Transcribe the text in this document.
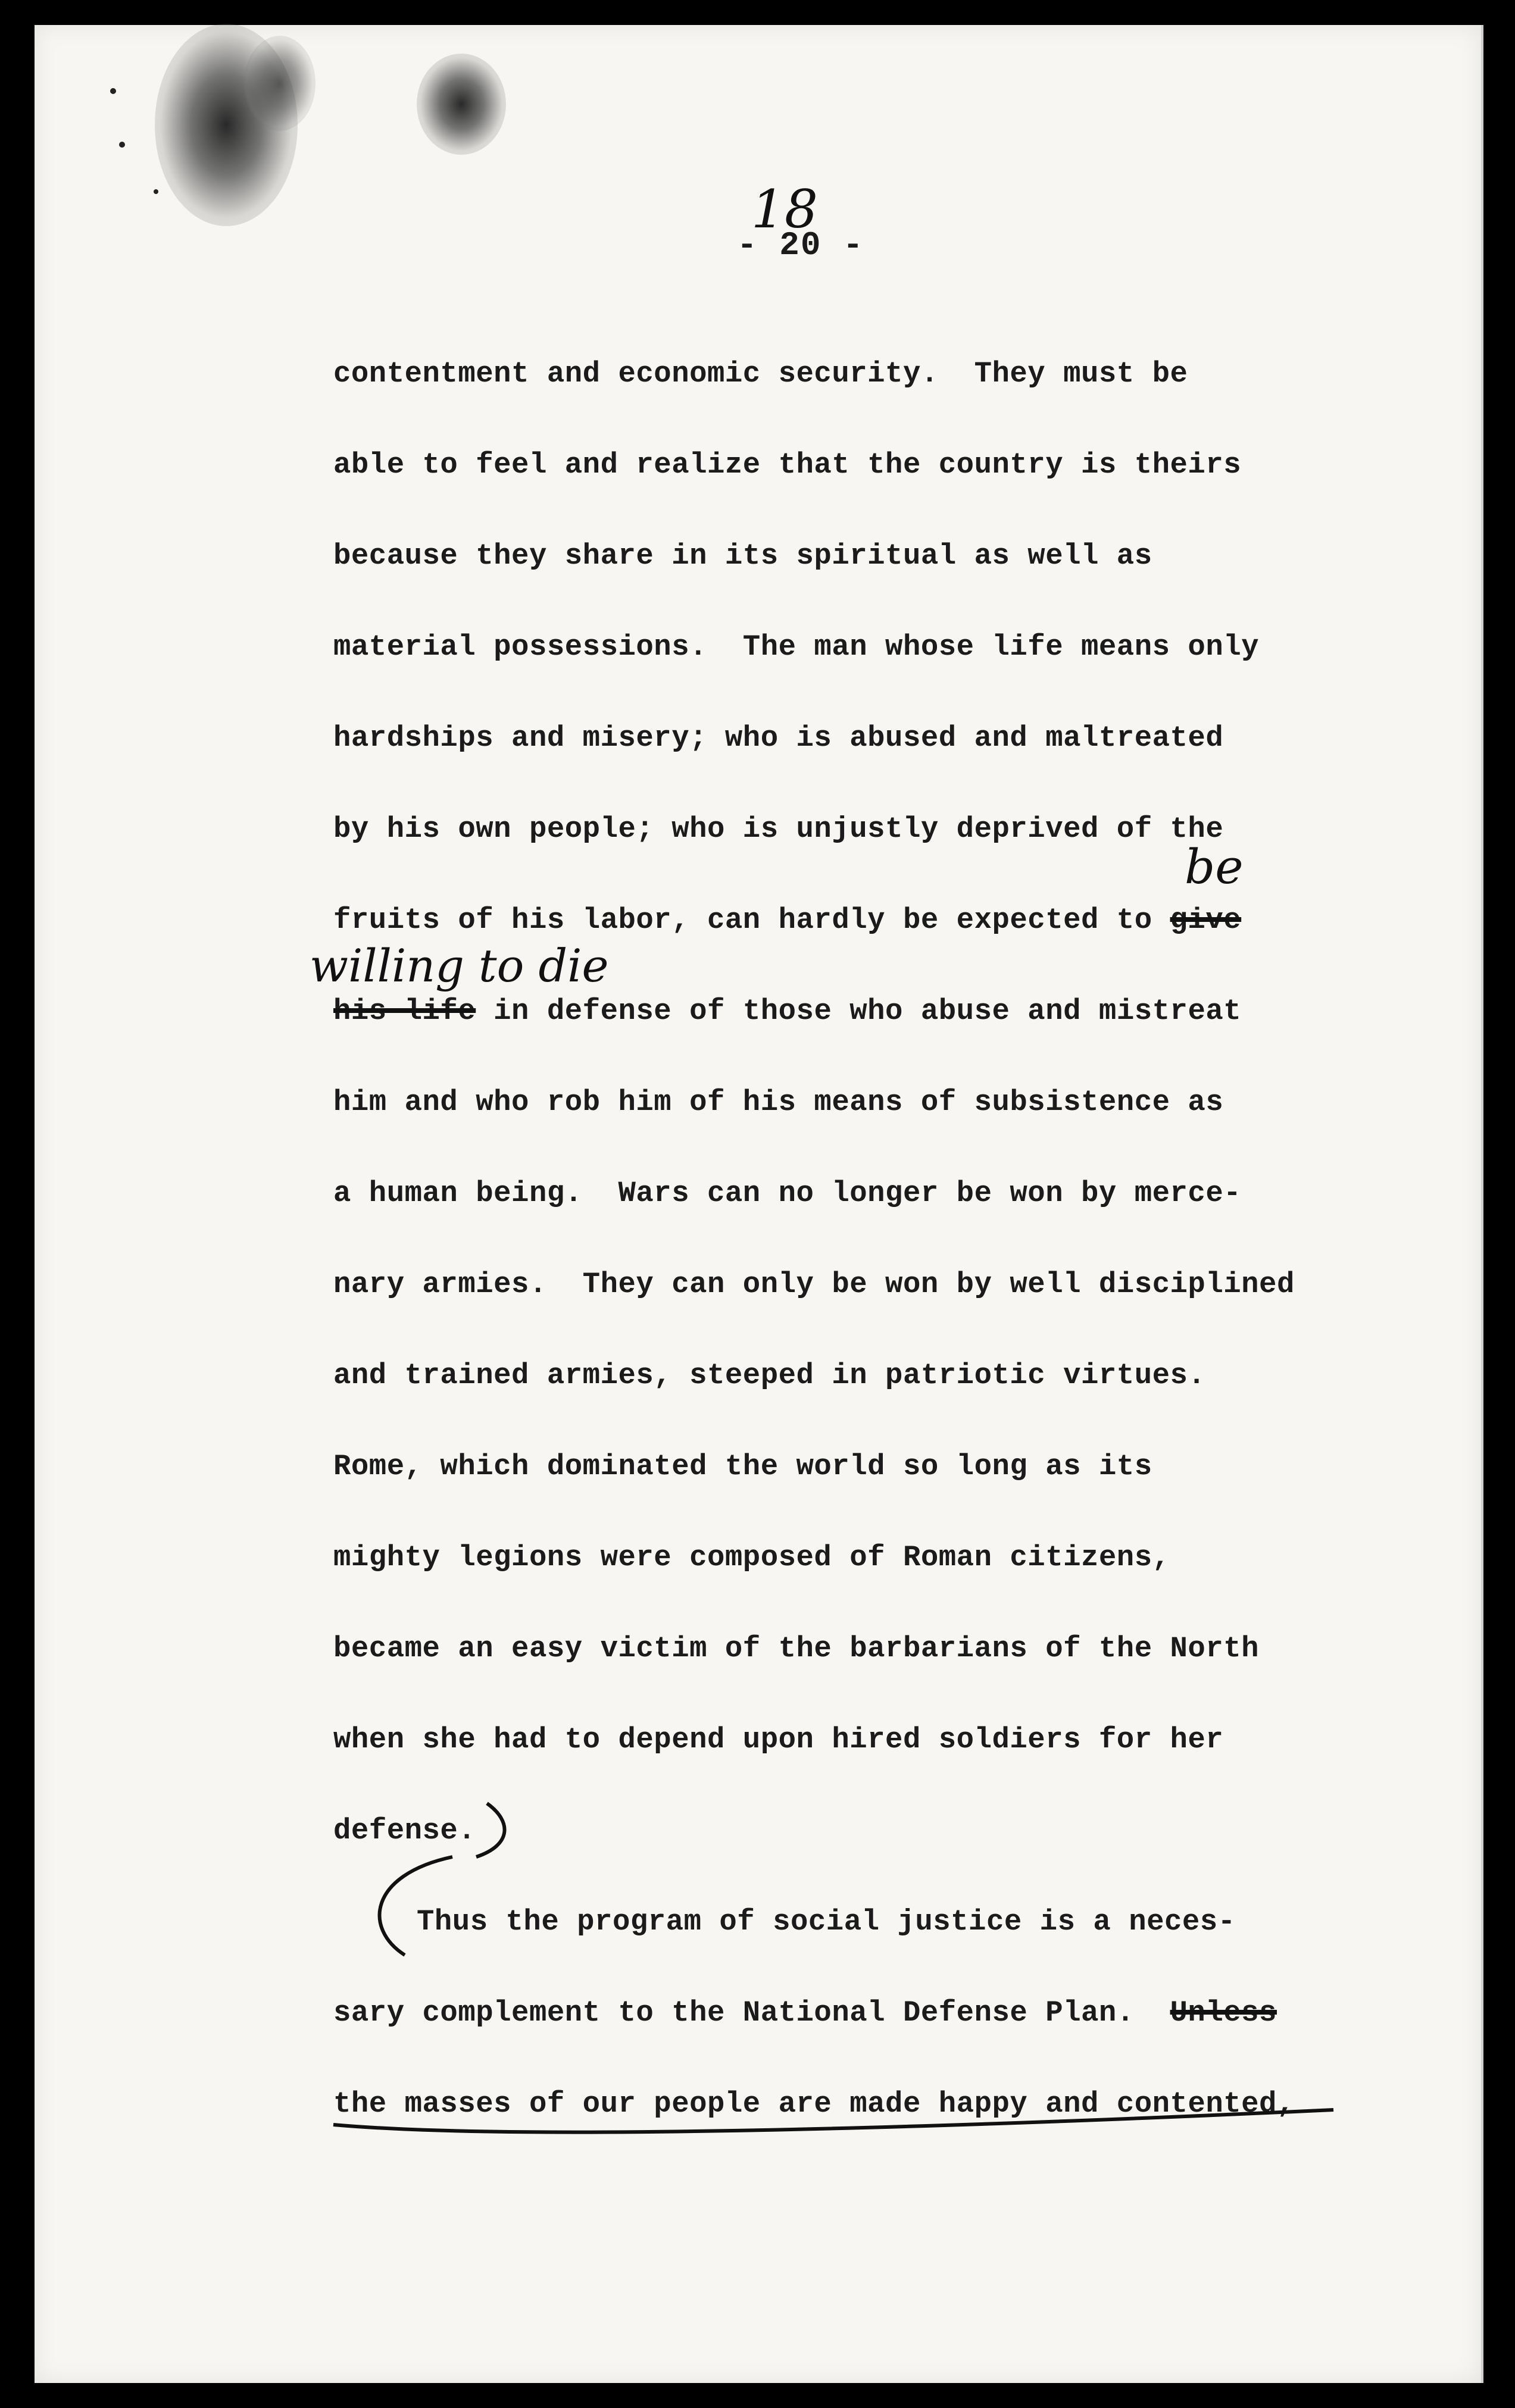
18
- 20 -
contentment and economic security.  They must be
able to feel and realize that the country is theirs
because they share in its spiritual as well as
material possessions.  The man whose life means only
hardships and misery; who is abused and maltreated
by his own people; who is unjustly deprived of the
fruits of his labor, can hardly be expected to give
be
willing to die
his life in defense of those who abuse and mistreat
him and who rob him of his means of subsistence as
a human being.  Wars can no longer be won by merce-
nary armies.  They can only be won by well disciplined
and trained armies, steeped in patriotic virtues.
Rome, which dominated the world so long as its
mighty legions were composed of Roman citizens,
became an easy victim of the barbarians of the North
when she had to depend upon hired soldiers for her
defense.
Thus the program of social justice is a neces-
sary complement to the National Defense Plan.  Unless
the masses of our people are made happy and contented,
